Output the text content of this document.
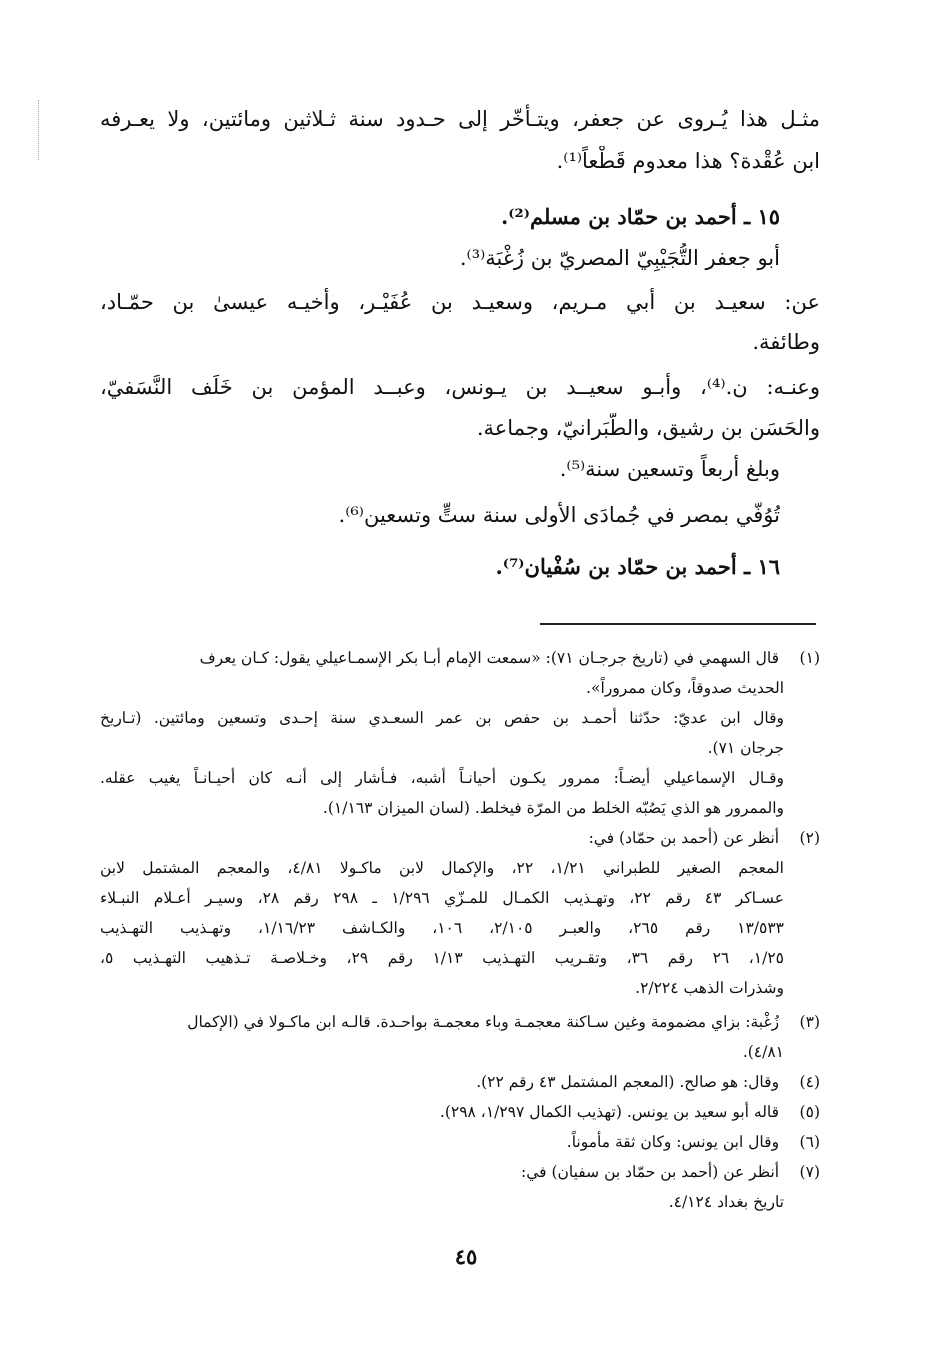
مثـل هذا يُـروى عن جعفر، ويتـأخّر إلى حـدود سنة ثـلاثين ومائتين، ولا يعـرفه
ابن عُقْدة؟ هذا معدوم قَطْعاً⁽¹⁾.
١٥ ـ أحمد بن حمّاد بن مسلم⁽²⁾.
أبو جعفر التُّجَيْبِيّ المصريّ بن زُغْبَة⁽³⁾.
عن: سعيـد بن أبي مـريم، وسعيـد بن عُفَيْـر، وأخيـه عيسىٰ بن حمّـاد،
وطائفة.
وعنـه: ن.⁽⁴⁾، وأبـو سعيــد بن يـونس، وعبــد المؤمن بن خَلَف النَّسَفيّ،
والحَسَن بن رشيق، والطَّبَرانيّ، وجماعة.
وبلغ أربعاً وتسعين سنة⁽⁵⁾.
تُوُفّي بمصر في جُمادَى الأولى سنة ستٍّ وتسعين⁽⁶⁾.
١٦ ـ أحمد بن حمّاد بن سُفْيان⁽⁷⁾.
(١) قال السهمي في (تاريخ جرجـان ٧١): «سمعت الإمام أبـا بكر الإسمـاعيلي يقول: كـان يعرف
الحديث صدوقاً، وكان ممروراً».
وقال ابن عديّ: حدّثنا أحمـد بن حفص بن عمر السعـدي سنة إحـدى وتسعين ومائتين. (تـاريخ
جرجان ٧١).
وقـال الإسماعيلي أيضـاً: ممرور يكـون أحيانـاً أشبه، فـأشار إلى أنـه كان أحيـانـاً يغيب عقله.
والممرور هو الذي يَصُبّه الخلط من المرّة فيخلط. (لسان الميزان ١/١٦٣).
(٢) أنظر عن (أحمد بن حمّاد) في:
المعجم الصغير للطبراني ١/٢١، ٢٢، والإكمال لابن ماكـولا ٤/٨١، والمعجم المشتمل لابن
عسـاكر ٤٣ رقم ٢٢، وتهـذيب الكمـال للمـزّي ١/٢٩٦ ـ ٢٩٨ رقم ٢٨، وسيـر أعـلام النبـلاء
١٣/٥٣٣ رقم ٢٦٥، والعبـر ٢/١٠٥، ١٠٦، والكـاشف ١/١٦/٢٣، وتهـذيب التهـذيب
١/٢٥، ٢٦ رقم ٣٦، وتقـريب التهـذيب ١/١٣ رقم ٢٩، وخـلاصـة تـذهيب التهـذيب ٥،
وشذرات الذهب ٢/٢٢٤.
(٣) زُغْبة: بزاي مضمومة وغين سـاكنة معجمـة وباء معجمـة بواحـدة. قالـه ابن ماكـولا في (الإكمال
٤/٨١).
(٤) وقال: هو صالح. (المعجم المشتمل ٤٣ رقم ٢٢).
(٥) قاله أبو سعيد بن يونس. (تهذيب الكمال ١/٢٩٧، ٢٩٨).
(٦) وقال ابن يونس: وكان ثقة مأموناً.
(٧) أنظر عن (أحمد بن حمّاد بن سفيان) في:
تاريخ بغداد ٤/١٢٤.
٤٥
